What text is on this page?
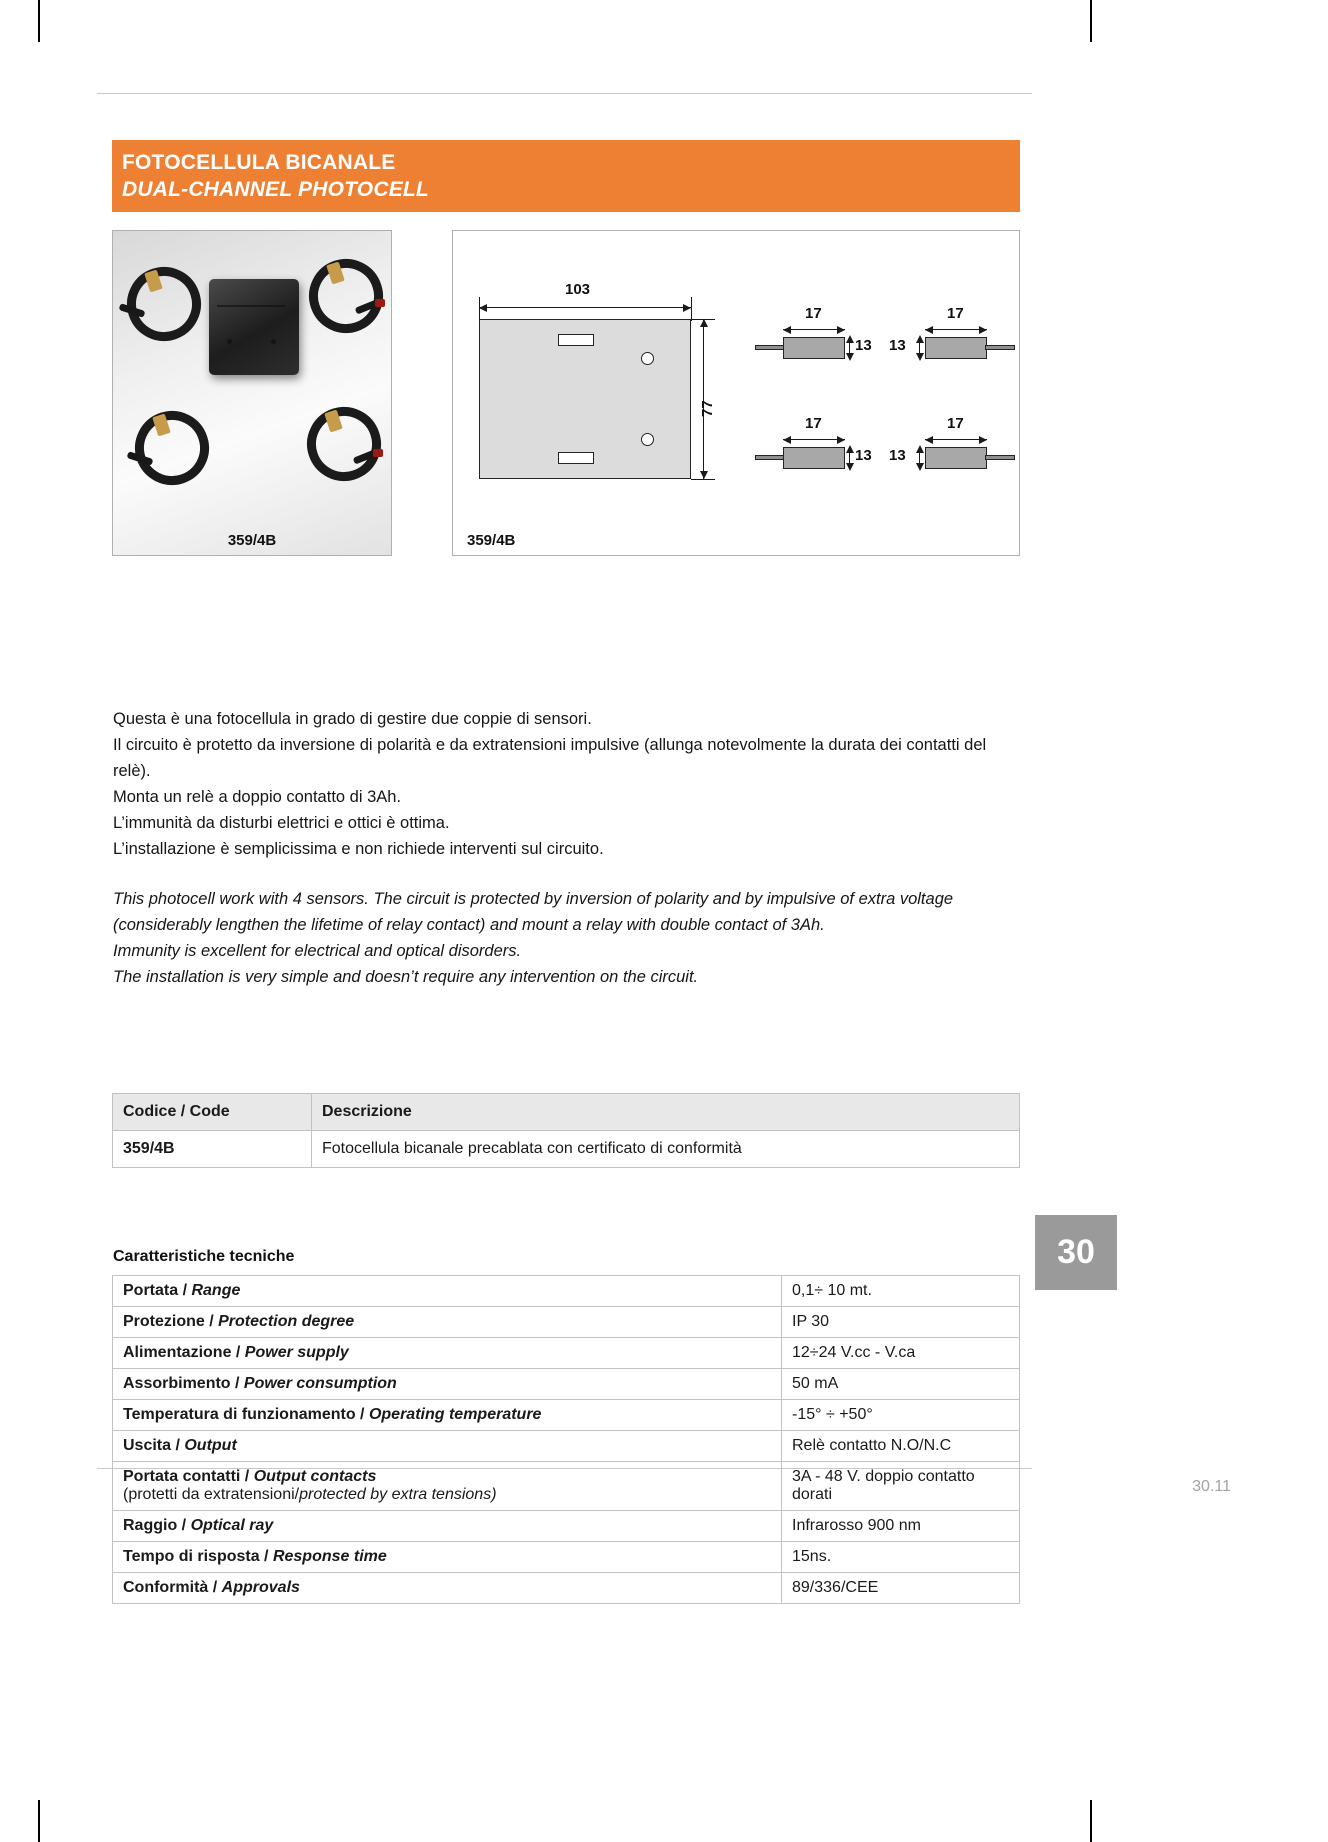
FOTOCELLULA BICANALE
DUAL-CHANNEL PHOTOCELL
359/4B
103
77
17
13 13
17
17
13 13
17
359/4B
Questa è una fotocellula in grado di gestire due coppie di sensori.
Il circuito è protetto da inversione di polarità e da extratensioni impulsive (allunga notevolmente la durata dei contatti del relè).
Monta un relè a doppio contatto di 3Ah.
L’immunità da disturbi elettrici e ottici è ottima.
L’installazione è semplicissima e non richiede interventi sul circuito.
This photocell work with 4 sensors. The circuit is protected by inversion of polarity and by impulsive of extra voltage (considerably lengthen the lifetime of relay contact) and mount a relay with double contact of 3Ah.
Immunity is excellent for electrical and optical disorders.
The installation is very simple and doesn’t require any intervention on the circuit.
Codice / Code	Descrizione
359/4B	Fotocellula bicanale precablata con certificato di conformità
Caratteristiche tecniche
Portata / Range	0,1÷ 10 mt.
Protezione / Protection degree	IP 30
Alimentazione / Power supply	12÷24 V.cc - V.ca
Assorbimento / Power consumption	50 mA
Temperatura di funzionamento / Operating temperature	-15° ÷ +50°
Uscita / Output	Relè contatto N.O/N.C
Portata contatti / Output contacts
(protetti da extratensioni/protected by extra tensions)	3A - 48 V. doppio contatto dorati
Raggio / Optical ray	Infrarosso 900 nm
Tempo di risposta / Response time	15ns.
Conformità / Approvals	89/336/CEE
30
30.11
